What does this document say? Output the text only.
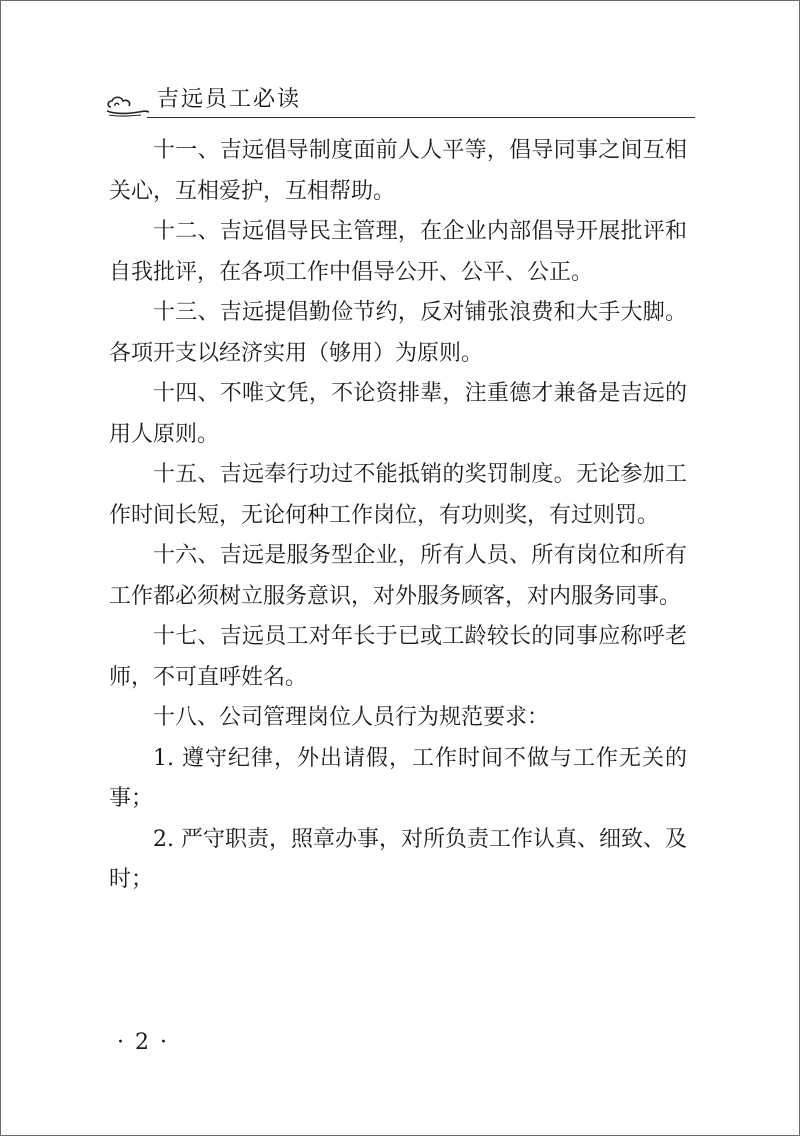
吉远员工必读

十一、吉远倡导制度面前人人平等，倡导同事之间互相关心，互相爱护，互相帮助。

十二、吉远倡导民主管理，在企业内部倡导开展批评和自我批评，在各项工作中倡导公开、公平、公正。

十三、吉远提倡勤俭节约，反对铺张浪费和大手大脚。各项开支以经济实用（够用）为原则。

十四、不唯文凭，不论资排辈，注重德才兼备是吉远的用人原则。

十五、吉远奉行功过不能抵销的奖罚制度。无论参加工作时间长短，无论何种工作岗位，有功则奖，有过则罚。

十六、吉远是服务型企业，所有人员、所有岗位和所有工作都必须树立服务意识，对外服务顾客，对内服务同事。

十七、吉远员工对年长于已或工龄较长的同事应称呼老师，不可直呼姓名。

十八、公司管理岗位人员行为规范要求：

1. 遵守纪律，外出请假，工作时间不做与工作无关的事；

2. 严守职责，照章办事，对所负责工作认真、细致、及时；

· 2 ·
